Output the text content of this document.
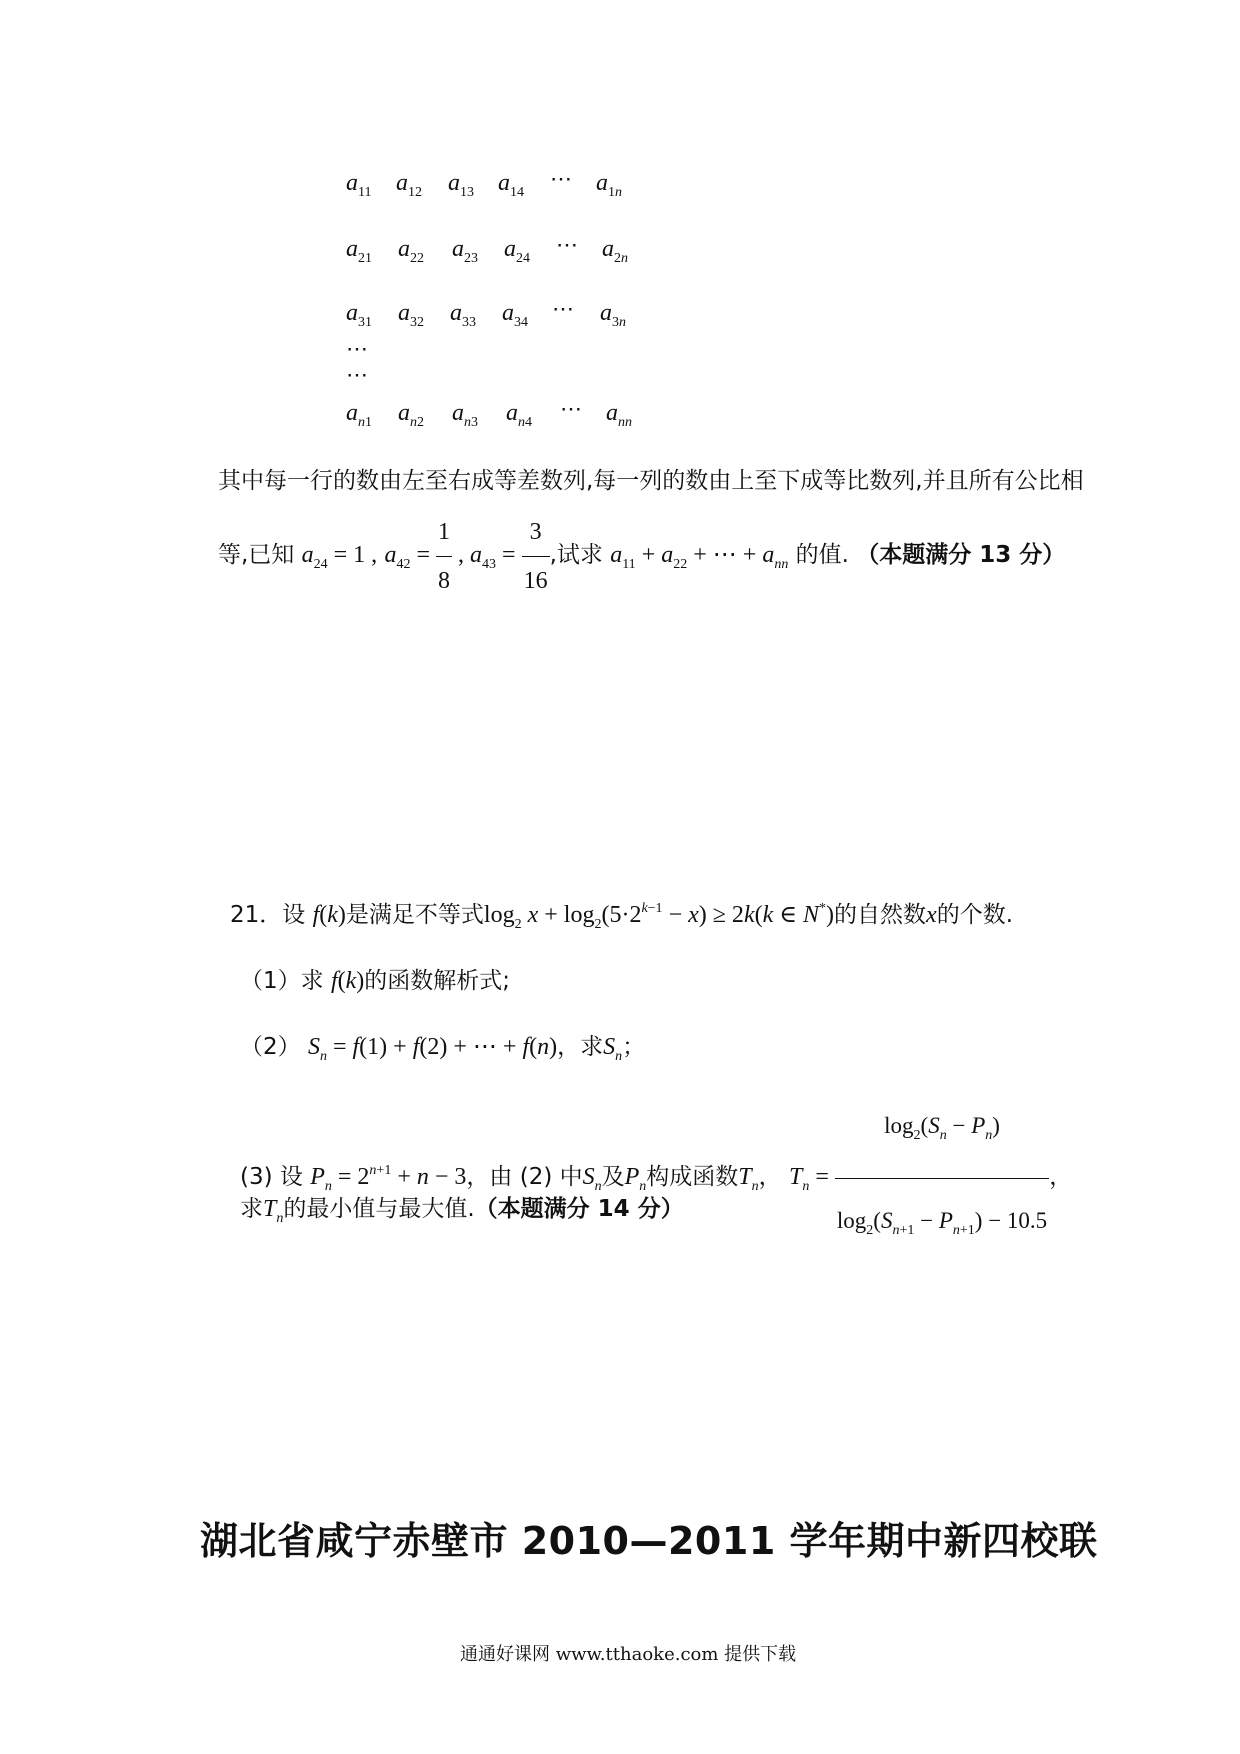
$a_{11}$ $a_{12}$ $a_{13}$ $a_{14}$
⋯ $a_{1n}$
$a_{21}$ $a_{22}$ $a_{23}$ $a_{24}$
⋯ $a_{2n}$
$a_{31}$ $a_{32}$ $a_{33}$ $a_{34}$
⋯ $a_{3n}$
⋯ ⋯
$a_{n1}$ $a_{n2}$ $a_{n3}$ $a_{n4}$
⋯ $a_{nn}$
其中每一行的数由左至右成等差数列,每一列的数由上至下成等比数列,并且所有公比相
等,已知 $a_{24} = 1$ , $a_{42} = \frac{1}{8}$ , $a_{43} = \frac{3}{16}$ ,试求 $a_{11} + a_{22}$ + ⋯ + $a_{nn}$ 的值. （本题满分 13 分）
21．设 f(k)是满足不等式$\log_2 x + \log_2(5\cdot 2^{k-1} - x) \ge 2k(k$ ∈ N*)的自然数x的个数.
（1）求 f(k)的函数解析式;
（2） $S_n = f(1) + f(2)$ + ⋯ + f(n)，求$S_n$；
(3) 设 $P_n = 2^{n+1} + n - 3$，由 (2) 中$S_n$及$P_n$构成函数$T_n$， $T_n = \frac{\log_2(S_n - P_n)}{\log_2(S_{n+1} - P_{n+1}) - 10.5}$ ，
求$T_n$的最小值与最大值.（本题满分 14 分）
湖北省咸宁赤壁市 2010—2011 学年期中新四校联
通通好课网 www.tthaoke.com 提供下载
